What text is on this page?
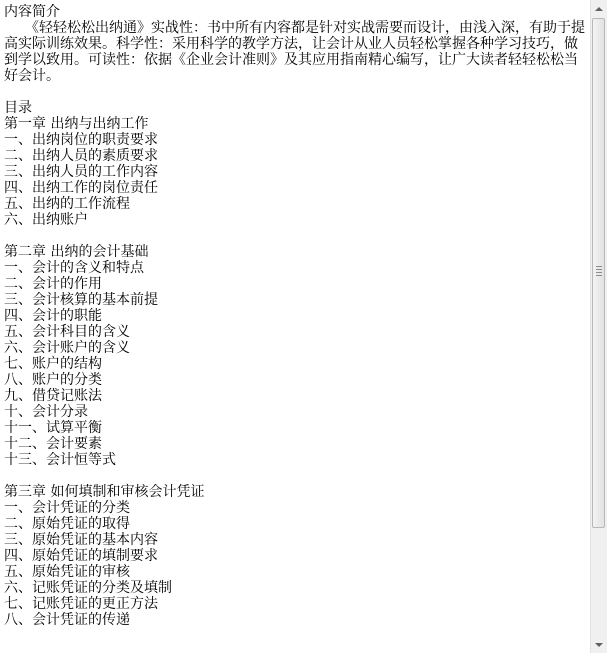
内容简介

　　《轻轻松松出纳通》实战性：书中所有内容都是针对实战需要而设计，由浅入深，有助于提高实际训练效果。科学性：采用科学的教学方法，让会计从业人员轻松掌握各种学习技巧，做到学以致用。可读性：依据《企业会计准则》及其应用指南精心编写，让广大读者轻轻松松当好会计。

目录

第一章 出纳与出纳工作

一、出纳岗位的职责要求

二、出纳人员的素质要求

三、出纳人员的工作内容

四、出纳工作的岗位责任

五、出纳的工作流程

六、出纳账户

第二章 出纳的会计基础

一、会计的含义和特点

二、会计的作用

三、会计核算的基本前提

四、会计的职能

五、会计科目的含义

六、会计账户的含义

七、账户的结构

八、账户的分类

九、借贷记账法

十、会计分录

十一、试算平衡

十二、会计要素

十三、会计恒等式

第三章 如何填制和审核会计凭证

一、会计凭证的分类

二、原始凭证的取得

三、原始凭证的基本内容

四、原始凭证的填制要求

五、原始凭证的审核

六、记账凭证的分类及填制

七、记账凭证的更正方法

八、会计凭证的传递
